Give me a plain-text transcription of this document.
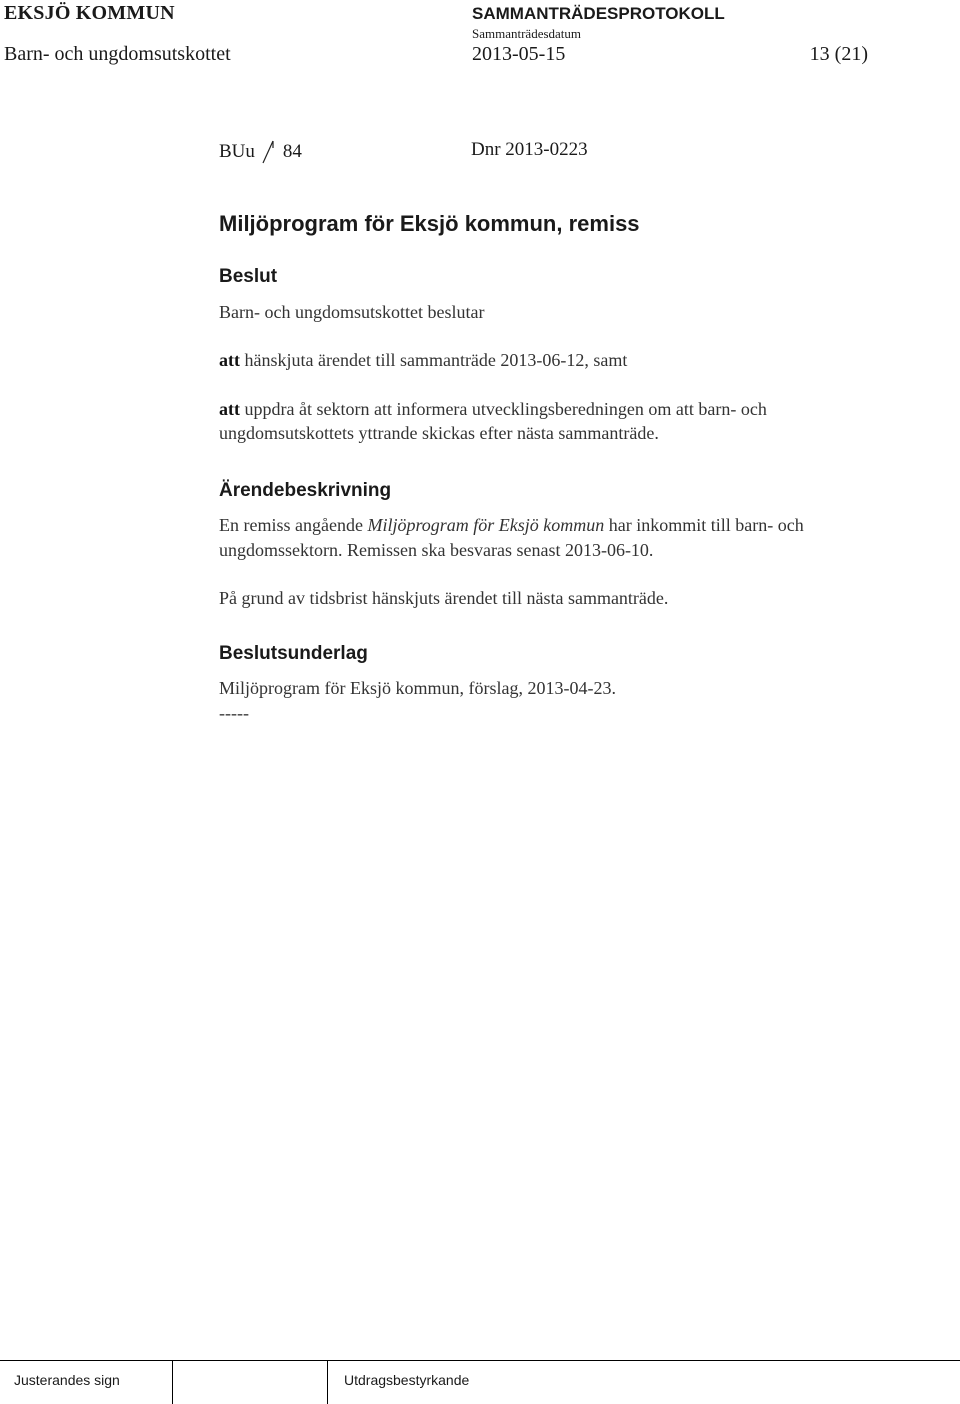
EKSJÖ KOMMUN	SAMMANTRÄDESPROTOKOLL
Sammanträdesdatum
Barn- och ungdomsutskottet	2013-05-15	13 (21)
BUu 84	Dnr 2013-0223
Miljöprogram för Eksjö kommun, remiss
Beslut
Barn- och ungdomsutskottet beslutar
att hänskjuta ärendet till sammanträde 2013-06-12, samt
att uppdra åt sektorn att informera utvecklingsberedningen om att barn- och
ungdomsutskottets yttrande skickas efter nästa sammanträde.
Ärendebeskrivning
En remiss angående Miljöprogram för Eksjö kommun har inkommit till barn- och
ungdomssektorn. Remissen ska besvaras senast 2013-06-10.
På grund av tidsbrist hänskjuts ärendet till nästa sammanträde.
Beslutsunderlag
Miljöprogram för Eksjö kommun, förslag, 2013-04-23.
-----
Justerandes sign	Utdragsbestyrkande
